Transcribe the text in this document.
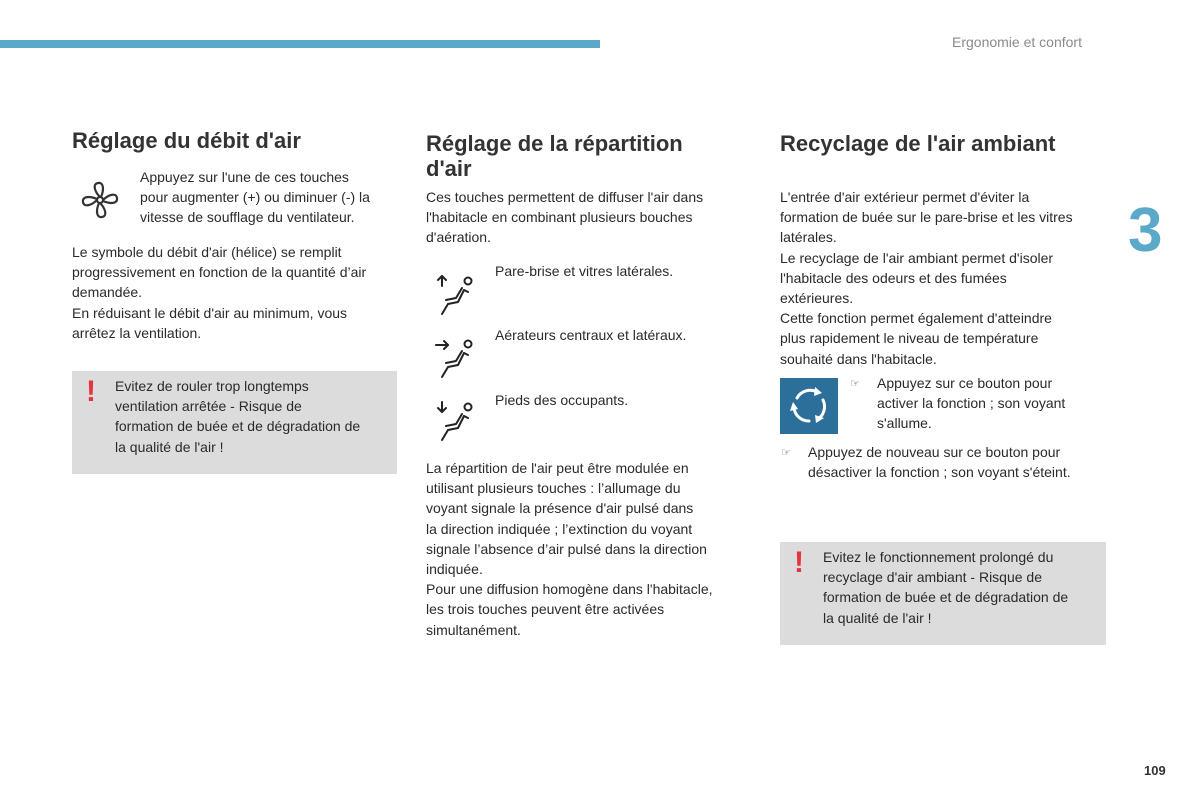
Ergonomie et confort
3
109
Réglage du débit d'air

Appuyez sur l'une de ces touches
pour augmenter (+) ou diminuer (-) la
vitesse de soufflage du ventilateur.

Le symbole du débit d'air (hélice) se remplit
progressivement en fonction de la quantité d’air
demandée.
En réduisant le débit d'air au minimum, vous
arrêtez la ventilation.

! Evitez de rouler trop longtemps
ventilation arrêtée - Risque de
formation de buée et de dégradation de
la qualité de l'air !
Réglage de la répartition
d'air

Ces touches permettent de diffuser l'air dans
l'habitacle en combinant plusieurs bouches
d'aération.

Pare-brise et vitres latérales.
Aérateurs centraux et latéraux.
Pieds des occupants.

La répartition de l'air peut être modulée en
utilisant plusieurs touches : l’allumage du
voyant signale la présence d'air pulsé dans
la direction indiquée ; l’extinction du voyant
signale l’absence d’air pulsé dans la direction
indiquée.
Pour une diffusion homogène dans l'habitacle,
les trois touches peuvent être activées
simultanément.

Recyclage de l'air ambiant

L'entrée d'air extérieur permet d'éviter la
formation de buée sur le pare-brise et les vitres
latérales.
Le recyclage de l'air ambiant permet d'isoler
l'habitacle des odeurs et des fumées
extérieures.
Cette fonction permet également d'atteindre
plus rapidement le niveau de température
souhaité dans l'habitacle.

☞ Appuyez sur ce bouton pour
activer la fonction ; son voyant
s'allume.

☞ Appuyez de nouveau sur ce bouton pour
désactiver la fonction ; son voyant s'éteint.

! Evitez le fonctionnement prolongé du
recyclage d'air ambiant - Risque de
formation de buée et de dégradation de
la qualité de l'air !
